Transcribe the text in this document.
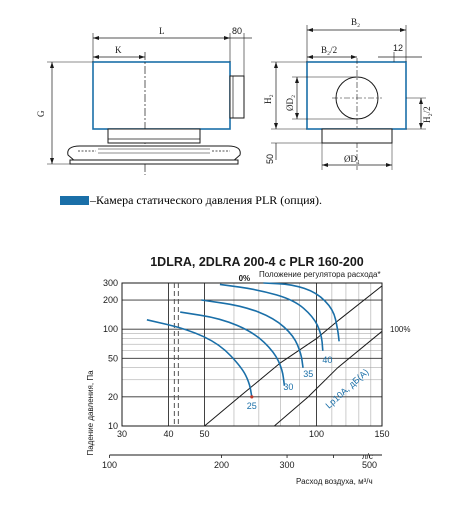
L	80
K
G
B₂
B₂/2	12
H₂ ØD₂
H₂/2
50	ØD₁
–Камера статического давления PLR (опция).
1DLRA, 2DLRA 200-4 с PLR 160-200
Положение регулятора расхода*
Падение давления, Па	25
30
35
40
Lp10A, дБ(A)
0%
100%
10
20
50
100
200
300
30	40	50	100	150
100	200	300	500
л/с
Расход воздуха, м³/ч
